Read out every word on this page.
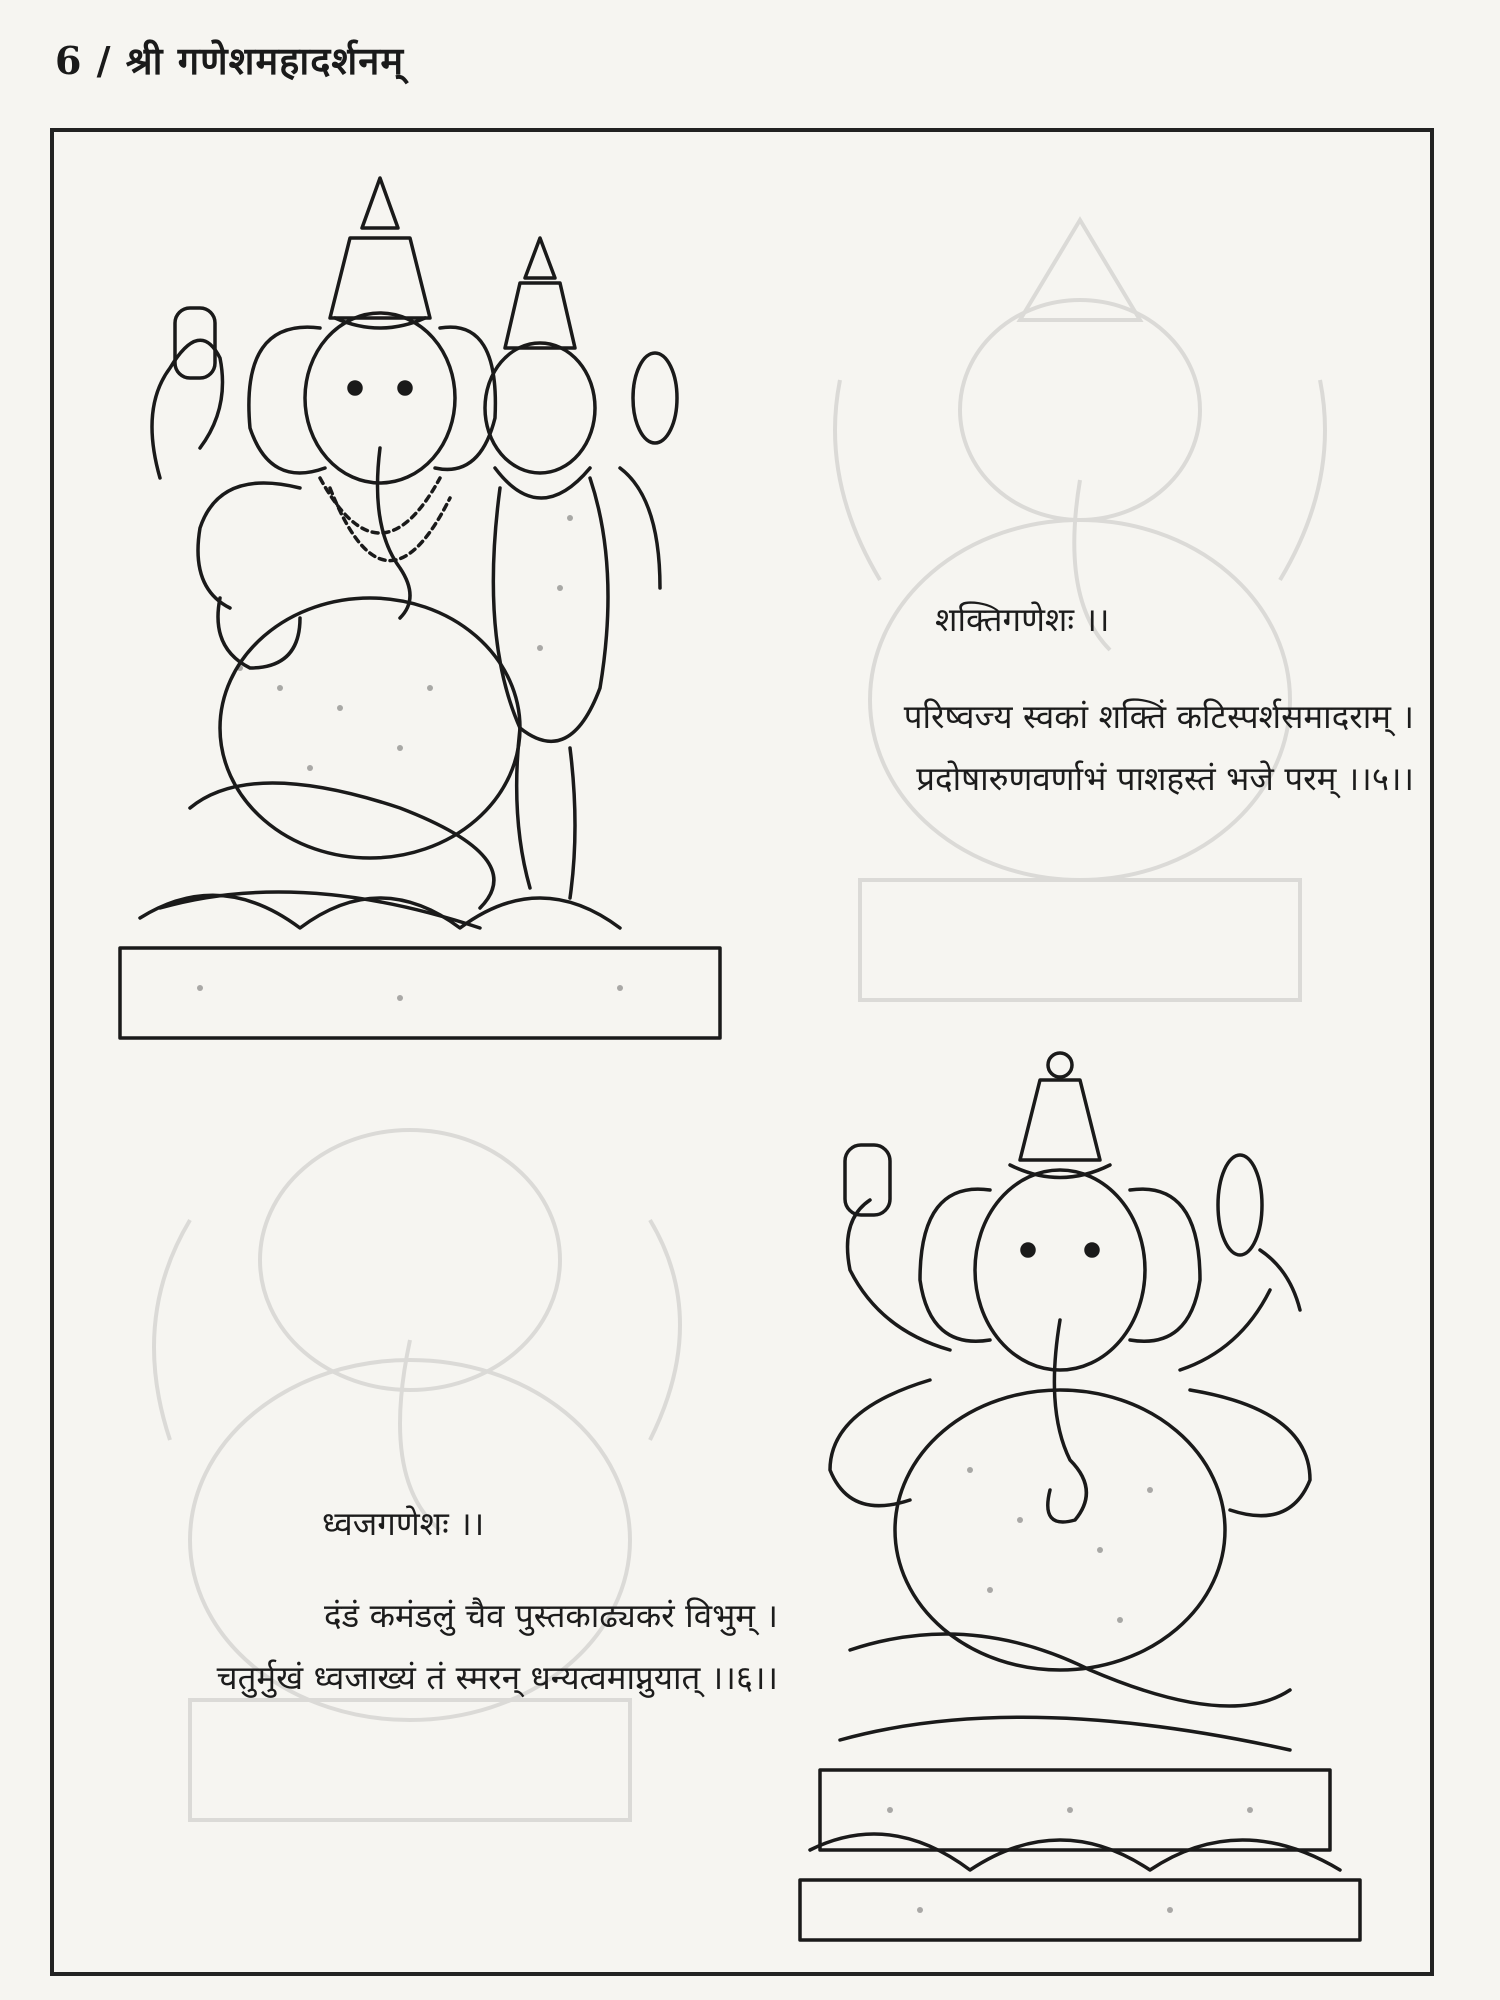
6 / श्री गणेशमहादर्शनम्
शक्तिगणेशः ।।
परिष्वज्य स्वकां शक्तिं कटिस्पर्शसमादराम् ।
प्रदोषारुणवर्णाभं पाशहस्तं भजे परम् ।।५।।
ध्वजगणेशः ।।
दंडं कमंडलुं चैव पुस्तकाढ्यकरं विभुम् ।
चतुर्मुखं ध्वजाख्यं तं स्मरन् धन्यत्वमाप्नुयात् ।।६।।
